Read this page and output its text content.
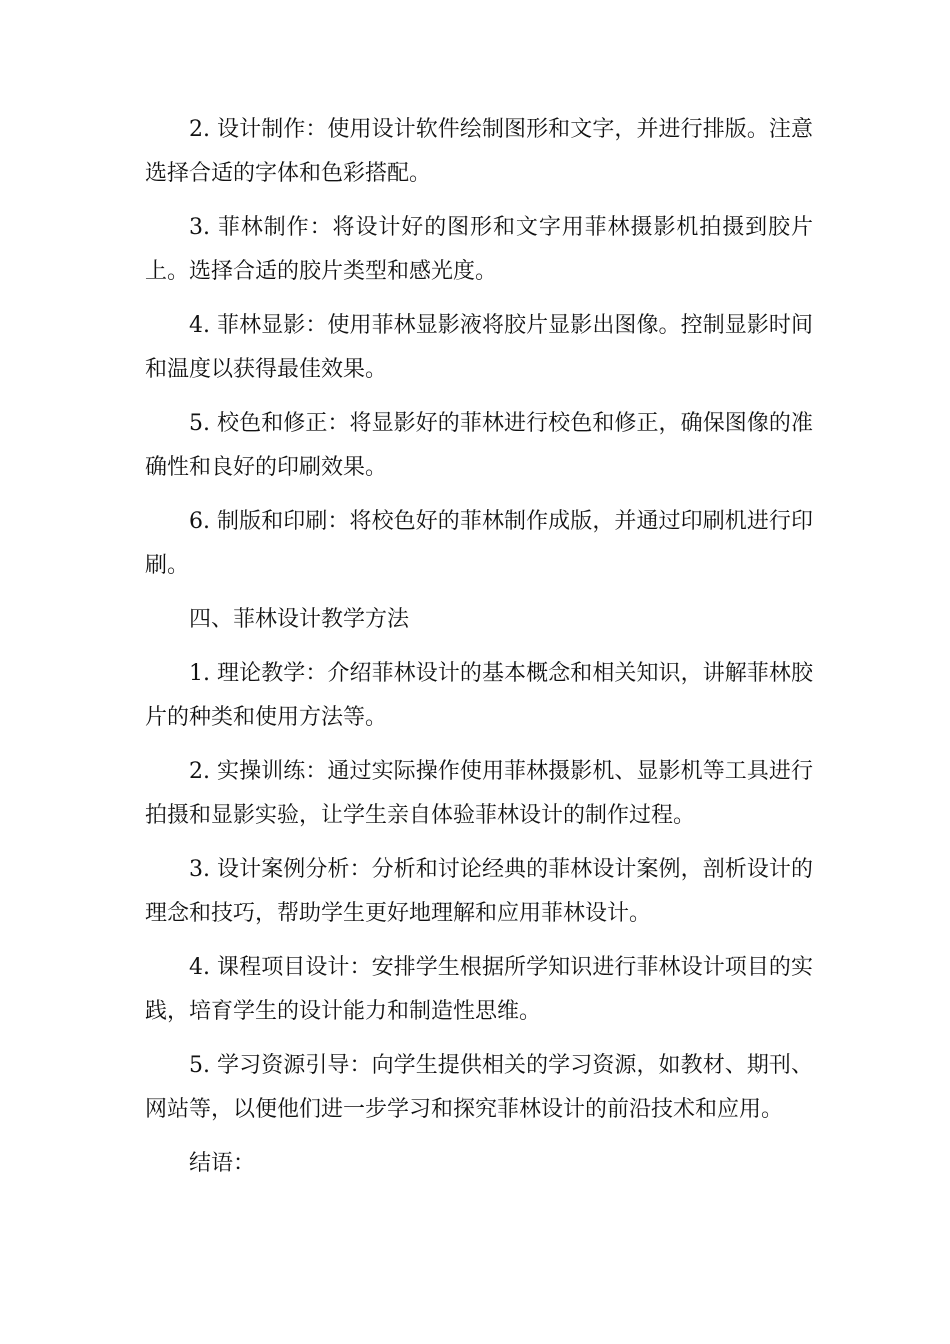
2. 设计制作：使用设计软件绘制图形和文字，并进行排版。注意选择合适的字体和色彩搭配。

3. 菲林制作：将设计好的图形和文字用菲林摄影机拍摄到胶片上。选择合适的胶片类型和感光度。

4. 菲林显影：使用菲林显影液将胶片显影出图像。控制显影时间和温度以获得最佳效果。

5. 校色和修正：将显影好的菲林进行校色和修正，确保图像的准确性和良好的印刷效果。

6. 制版和印刷：将校色好的菲林制作成版，并通过印刷机进行印刷。

四、菲林设计教学方法

1. 理论教学：介绍菲林设计的基本概念和相关知识，讲解菲林胶片的种类和使用方法等。

2. 实操训练：通过实际操作使用菲林摄影机、显影机等工具进行拍摄和显影实验，让学生亲自体验菲林设计的制作过程。

3. 设计案例分析：分析和讨论经典的菲林设计案例，剖析设计的理念和技巧，帮助学生更好地理解和应用菲林设计。

4. 课程项目设计：安排学生根据所学知识进行菲林设计项目的实践，培育学生的设计能力和制造性思维。

5. 学习资源引导：向学生提供相关的学习资源，如教材、期刊、网站等，以便他们进一步学习和探究菲林设计的前沿技术和应用。

结语：
